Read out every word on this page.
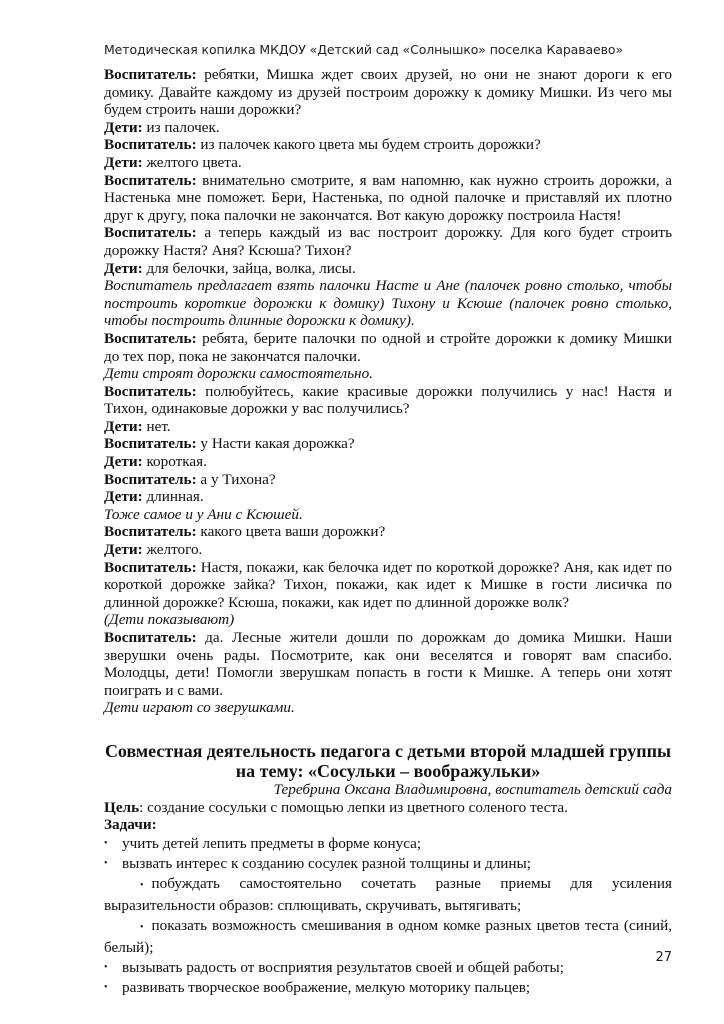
Методическая копилка МКДОУ «Детский сад «Солнышко» поселка Караваево»

Воспитатель: ребятки, Мишка ждет своих друзей, но они не знают дороги к его домику. Давайте каждому из друзей построим дорожку к домику Мишки. Из чего мы будем строить наши дорожки?

Дети: из палочек.

Воспитатель: из палочек какого цвета мы будем строить дорожки?

Дети: желтого цвета.

Воспитатель: внимательно смотрите, я вам напомню, как нужно строить дорожки, а Настенька мне поможет. Бери, Настенька, по одной палочке и приставляй их плотно друг к другу, пока палочки не закончатся. Вот какую дорожку построила Настя!

Воспитатель: а теперь каждый из вас построит дорожку. Для кого будет строить дорожку Настя? Аня? Ксюша? Тихон?

Дети: для белочки, зайца, волка, лисы.

Воспитатель предлагает взять палочки Насте и Ане (палочек ровно столько, чтобы построить короткие дорожки к домику) Тихону и Ксюше (палочек ровно столько, чтобы построить длинные дорожки к домику).

Воспитатель: ребята, берите палочки по одной и стройте дорожки к домику Мишки до тех пор, пока не закончатся палочки.

Дети строят дорожки самостоятельно.

Воспитатель: полюбуйтесь, какие красивые дорожки получились у нас! Настя и Тихон, одинаковые дорожки у вас получились?

Дети: нет.

Воспитатель: у Насти какая дорожка?

Дети: короткая.

Воспитатель: а у Тихона?

Дети: длинная.

Тоже самое и у Ани с Ксюшей.

Воспитатель: какого цвета ваши дорожки?

Дети: желтого.

Воспитатель: Настя, покажи, как белочка идет по короткой дорожке? Аня, как идет по короткой дорожке зайка? Тихон, покажи, как идет к Мишке в гости лисичка по длинной дорожке? Ксюша, покажи, как идет по длинной дорожке волк?

(Дети показывают)

Воспитатель: да. Лесные жители дошли по дорожкам до домика Мишки. Наши зверушки очень рады. Посмотрите, как они веселятся и говорят вам спасибо. Молодцы, дети! Помогли зверушкам попасть в гости к Мишке. А теперь они хотят поиграть и с вами.

Дети играют со зверушками.

Совместная деятельность педагога с детьми второй младшей группы
на тему: «Сосульки – воображульки»
Теребрина Оксана Владимировна, воспитатель детский сада

Цель: создание сосульки с помощью лепки из цветного соленого теста.

Задачи:

• учить детей лепить предметы в форме конуса;
• вызвать интерес к созданию сосулек разной толщины и длины;
• побуждать самостоятельно сочетать разные приемы для усиления выразительности образов: сплющивать, скручивать, вытягивать;
• показать возможность смешивания в одном комке разных цветов теста (синий, белый);
• вызывать радость от восприятия результатов своей и общей работы;
• развивать творческое воображение, мелкую моторику пальцев;
27
